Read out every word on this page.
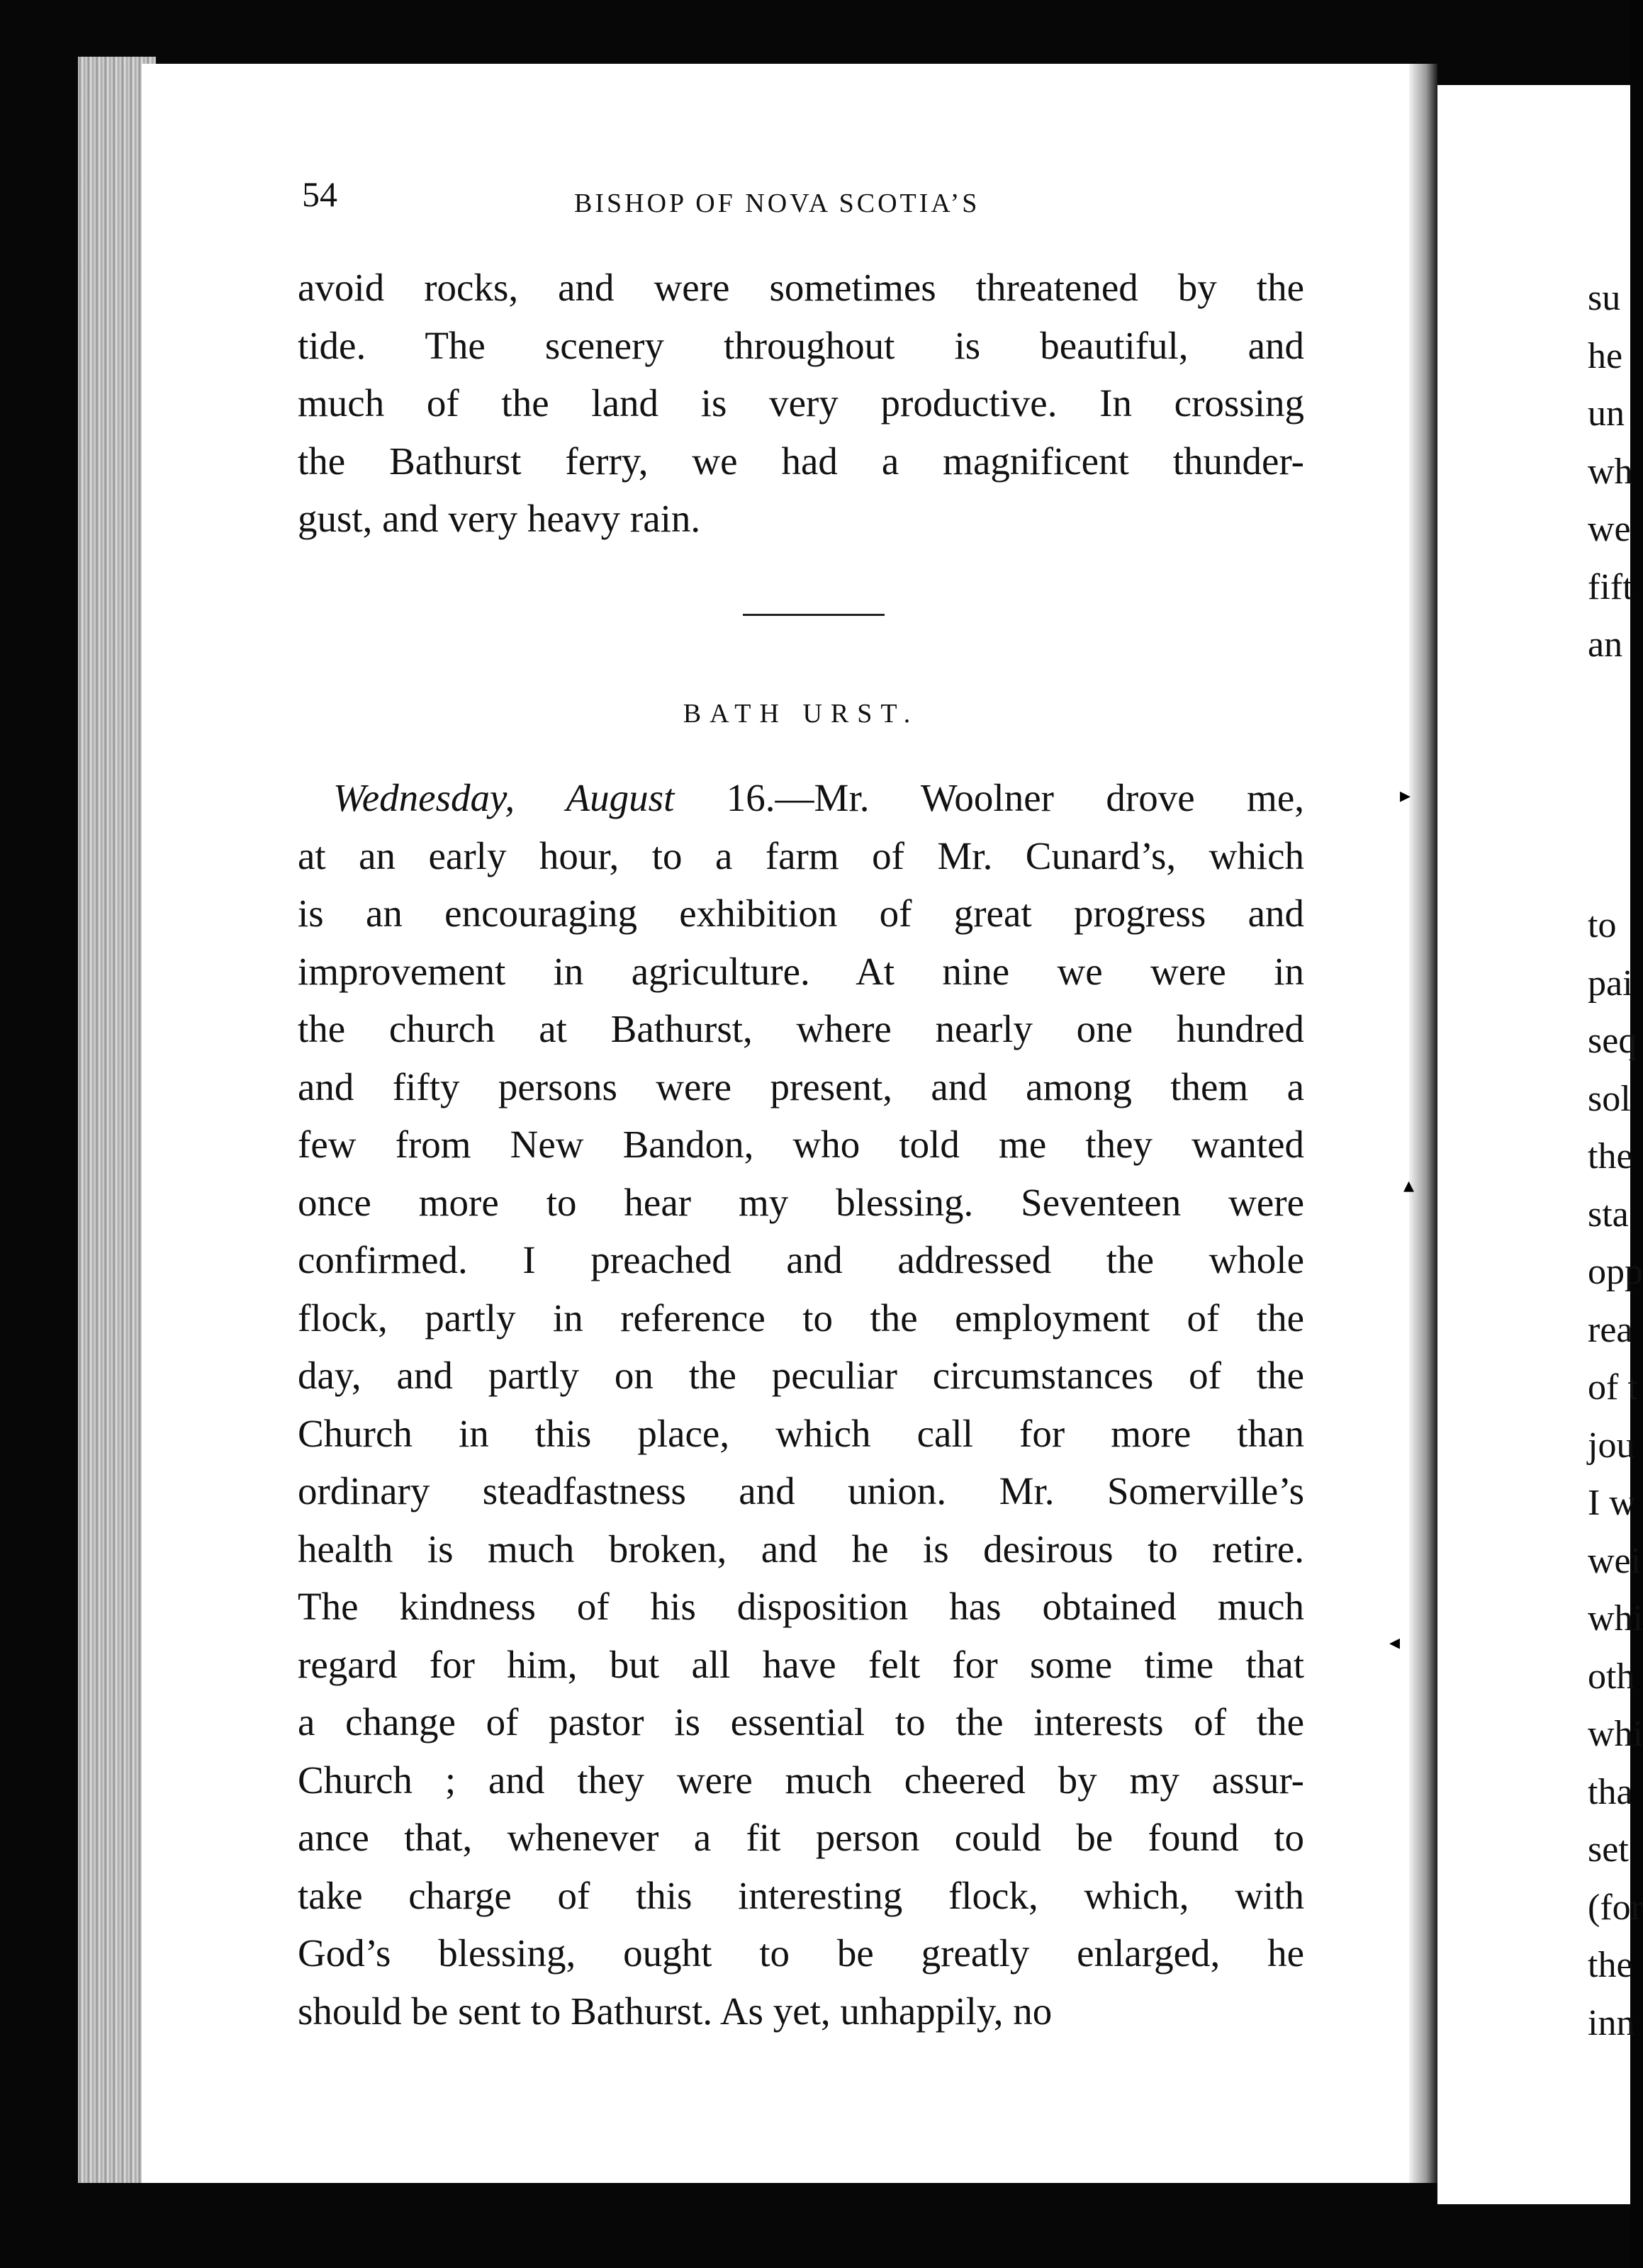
54	BISHOP OF NOVA SCOTIA’S
avoid rocks, and were sometimes threatened by the
tide. The scenery throughout is beautiful, and
much of the land is very productive. In crossing
the Bathurst ferry, we had a magnificent thunder-
gust, and very heavy rain.
BATH URST.
Wednesday, August 16.—Mr. Woolner drove me,
at an early hour, to a farm of Mr. Cunard’s, which
is an encouraging exhibition of great progress and
improvement in agriculture. At nine we were in
the church at Bathurst, where nearly one hundred
and fifty persons were present, and among them a
few from New Bandon, who told me they wanted
once more to hear my blessing. Seventeen were
confirmed. I preached and addressed the whole
flock, partly in reference to the employment of the
day, and partly on the peculiar circumstances of the
Church in this place, which call for more than
ordinary steadfastness and union. Mr. Somerville’s
health is much broken, and he is desirous to retire.
The kindness of his disposition has obtained much
regard for him, but all have felt for some time that
a change of pastor is essential to the interests of the
Church ; and they were much cheered by my assur-
ance that, whenever a fit person could be found to
take charge of this interesting flock, which, with
God’s blessing, ought to be greatly enlarged, he
should be sent to Bathurst. As yet, unhappily, no
su
he
un
wh
we
fift
an
to
pai
seq
sol
the
sta
opp
rea
of t
jou
I w
wei
whi
oth
whi
tha
set
(for
the
inn
▸
▴
◂
